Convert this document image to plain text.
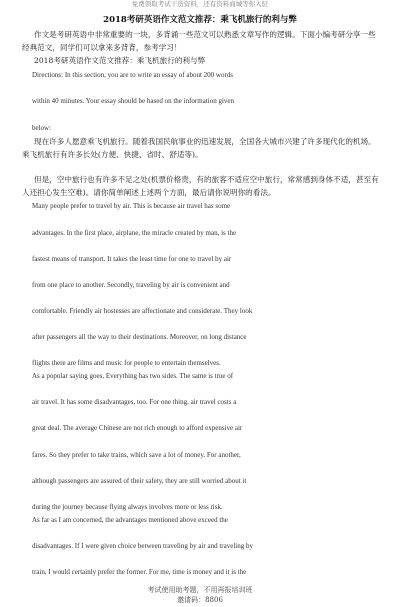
免费领取考试干货资料，还有资料商城等你入驻
2018考研英语作文范文推荐：乘飞机旅行的利与弊
作文是考研英语中非常重要的一块，多背诵一些范文可以熟悉文章写作的逻辑。下面小编考研分享一些经典范文，同学们可以拿来多背背，参考学习！
2018考研英语作文范文推荐：乘飞机旅行的利与弊
Directions: In this section, you are to write an essay of about 200 words
within 40 minutes. Your essay should be based on the information given
below:
现在许多人愿意乘飞机旅行。随着我国民航事业的迅速发展，全国各大城市兴建了许多现代化的机场。乘飞机旅行有许多长处(方便、快捷、省时、舒适等)。
但是，空中旅行也有许多不足之处(机票价格贵，有的旅客不适应空中旅行，常常感到身体不适，甚至有人还担心发生空难)。请你简单阐述上述两个方面，最后请你说明你的看法。
Many people prefer to travel by air. This is because air travel has some
advantages. In the first place, airplane, the miracle created by man, is the
fastest means of transport. It takes the least time for one to travel by air
from one place to another. Secondly, traveling by air is convenient and
comfortable. Friendly air hostesses are affectionate and considerate. They look
after passengers all the way to their destinations. Moreover, on long distance
flights there are films and music for people to entertain themselves.
As a popular saying goes, Everything has two sides. The same is true of
air travel. It has some disadvantages, too. For one thing, air travel costs a
great deal. The average Chinese are not rich enough to afford expensive air
fares. So they prefer to take trains, which save a lot of money. For another,
although passengers are assured of their safety, they are still worried about it
during the journey because flying always involves more or less risk.
As far as I am concerned, the advantages mentioned above exceed the
disadvantages. If I were given choice between traveling by air and traveling by
train, I would certainly prefer the former. For me, time is money and it is the
考试使用助考题，不用再报培训班
邀请码：8806
